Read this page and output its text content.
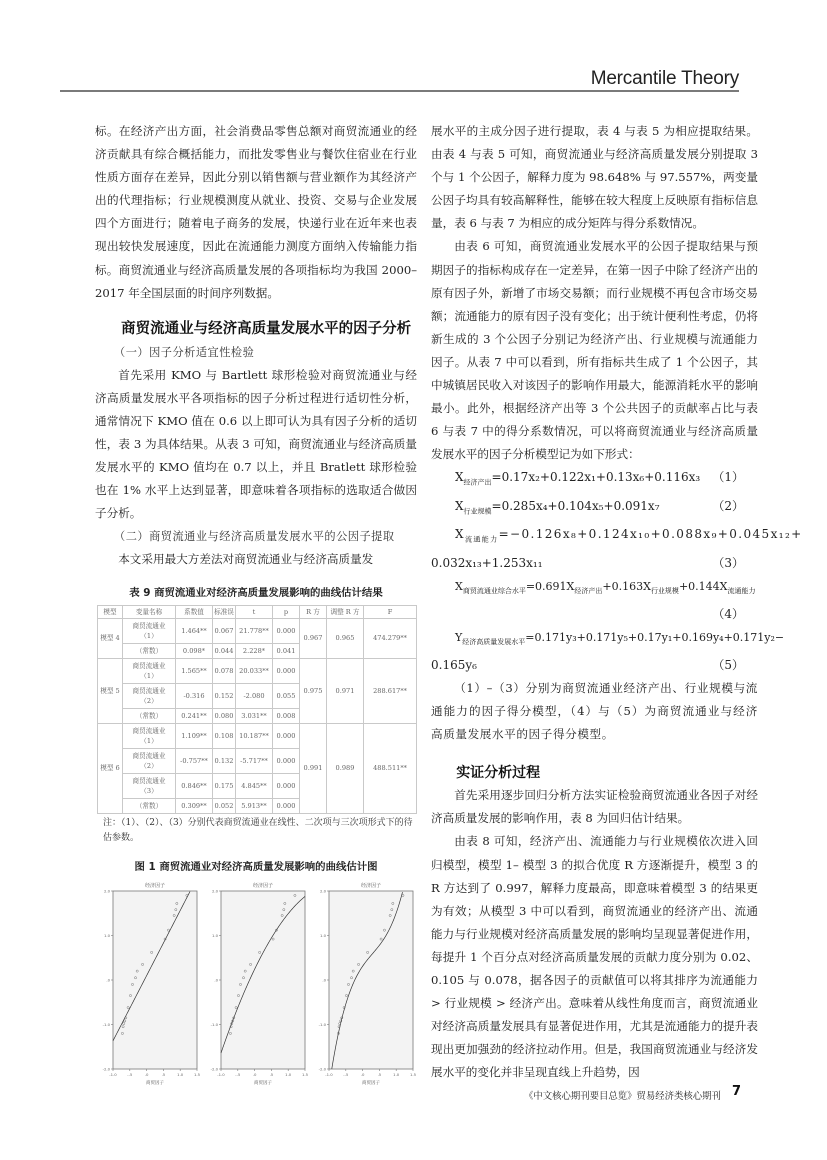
Mercantile Theory

标。在经济产出方面，社会消费品零售总额对商贸流通业的经济贡献具有综合概括能力，而批发零售业与餐饮住宿业在行业性质方面存在差异，因此分别以销售额与营业额作为其经济产出的代理指标；行业规模测度从就业、投资、交易与企业发展四个方面进行；随着电子商务的发展，快递行业在近年来也表现出较快发展速度，因此在流通能力测度方面纳入传输能力指标。商贸流通业与经济高质量发展的各项指标均为我国 2000–2017 年全国层面的时间序列数据。

商贸流通业与经济高质量发展水平的因子分析

（一）因子分析适宜性检验

首先采用 KMO 与 Bartlett 球形检验对商贸流通业与经济高质量发展水平各项指标的因子分析过程进行适切性分析，通常情况下 KMO 值在 0.6 以上即可认为具有因子分析的适切性，表 3 为具体结果。从表 3 可知，商贸流通业与经济高质量发展水平的 KMO 值均在 0.7 以上，并且 Bratlett 球形检验也在 1% 水平上达到显著，即意味着各项指标的选取适合做因子分析。

（二）商贸流通业与经济高质量发展水平的公因子提取

本文采用最大方差法对商贸流通业与经济高质量发

表 9 商贸流通业对经济高质量发展影响的曲线估计结果
模型	变量名称	系数值	标准误	t	p	R 方	调整 R 方	F
模型 4	商贸流通业（1）	1.464**	0.067	21.778**	0.000	0.967	0.965	474.279**
	（常数）	0.098*	0.044	2.228*	0.041			
模型 5	商贸流通业（1）	1.565**	0.078	20.033**	0.000	0.975	0.971	288.617**
	商贸流通业（2）	-0.316	0.152	-2.080	0.055			
	（常数）	0.241**	0.080	3.031**	0.008			
模型 6	商贸流通业（1）	1.109**	0.108	10.187**	0.000	0.991	0.989	488.511**
	商贸流通业（2）	-0.757**	0.132	-5.717**	0.000			
	商贸流通业（3）	0.846**	0.175	4.845**	0.000			
	（常数）	0.309**	0.052	5.913**	0.000			
注：（1）、（2）、（3）分别代表商贸流通业在线性、二次项与三次项形式下的待估参数。
图 1 商贸流通业对经济高质量发展影响的曲线估计图
经济因子
2.0
1.0
.0
-1.0
-2.0
-1.0	-.5	.0	.5	1.0	1.5
商贸因子
经济因子
2.0
1.0
.0
-1.0
-2.0
-1.0	-.5	.0	.5	1.0	1.5
商贸因子
经济因子
2.0
1.0
.0
-1.0
-2.0
-1.0	-.5	.0	.5	1.0	1.5
商贸因子

展水平的主成分因子进行提取，表 4 与表 5 为相应提取结果。由表 4 与表 5 可知，商贸流通业与经济高质量发展分别提取 3 个与 1 个公因子，解释力度为 98.648% 与 97.557%，两变量公因子均具有较高解释性，能够在较大程度上反映原有指标信息量，表 6 与表 7 为相应的成分矩阵与得分系数情况。

由表 6 可知，商贸流通业发展水平的公因子提取结果与预期因子的指标构成存在一定差异，在第一因子中除了经济产出的原有因子外，新增了市场交易额；而行业规模不再包含市场交易额；流通能力的原有因子没有变化；出于统计便利性考虑，仍将新生成的 3 个公因子分别记为经济产出、行业规模与流通能力因子。从表 7 中可以看到，所有指标共生成了 1 个公因子，其中城镇居民收入对该因子的影响作用最大，能源消耗水平的影响最小。此外，根据经济产出等 3 个公共因子的贡献率占比与表 6 与表 7 中的得分系数情况，可以将商贸流通业与经济高质量发展水平的因子分析模型记为如下形式：

$X_{经济产出}=0.17x_2+0.122x_1+0.13x_6+0.116x_3$ （1）
$X_{行业规模}=0.285x_4+0.104x_5+0.091x_7$	（2）
$X_{流通能力}=-0.126x_8+0.124x_{10}+0.088x_9+0.045x_{12}+$
0.032x₁₃+1.253x₁₁	（3）
$X_{商贸流通业综合水平}=0.691X_{经济产出}+0.163X_{行业规模}+0.144X_{流通能力}$
（4）

$Y_{经济高质量发展水平}=0.171y_3+0.171y_5+0.17y_1+0.169y_4+0.171y_2-$
0.165y₆	（5）

（1）–（3）分别为商贸流通业经济产出、行业规模与流通能力的因子得分模型，（4）与（5）为商贸流通业与经济高质量发展水平的因子得分模型。

实证分析过程

首先采用逐步回归分析方法实证检验商贸流通业各因子对经济高质量发展的影响作用，表 8 为回归估计结果。

由表 8 可知，经济产出、流通能力与行业规模依次进入回归模型，模型 1– 模型 3 的拟合优度 R 方逐渐提升，模型 3 的 R 方达到了 0.997，解释力度最高，即意味着模型 3 的结果更为有效；从模型 3 中可以看到，商贸流通业的经济产出、流通能力与行业规模对经济高质量发展的影响均呈现显著促进作用，每提升 1 个百分点对经济高质量发展的贡献力度分别为 0.02、0.105 与 0.078，据各因子的贡献值可以将其排序为流通能力 > 行业规模 > 经济产出。意味着从线性角度而言，商贸流通业对经济高质量发展具有显著促进作用，尤其是流通能力的提升表现出更加强劲的经济拉动作用。但是，我国商贸流通业与经济发展水平的变化并非呈现直线上升趋势，因

《中文核心期刊要目总览》贸易经济类核心期刊 7
